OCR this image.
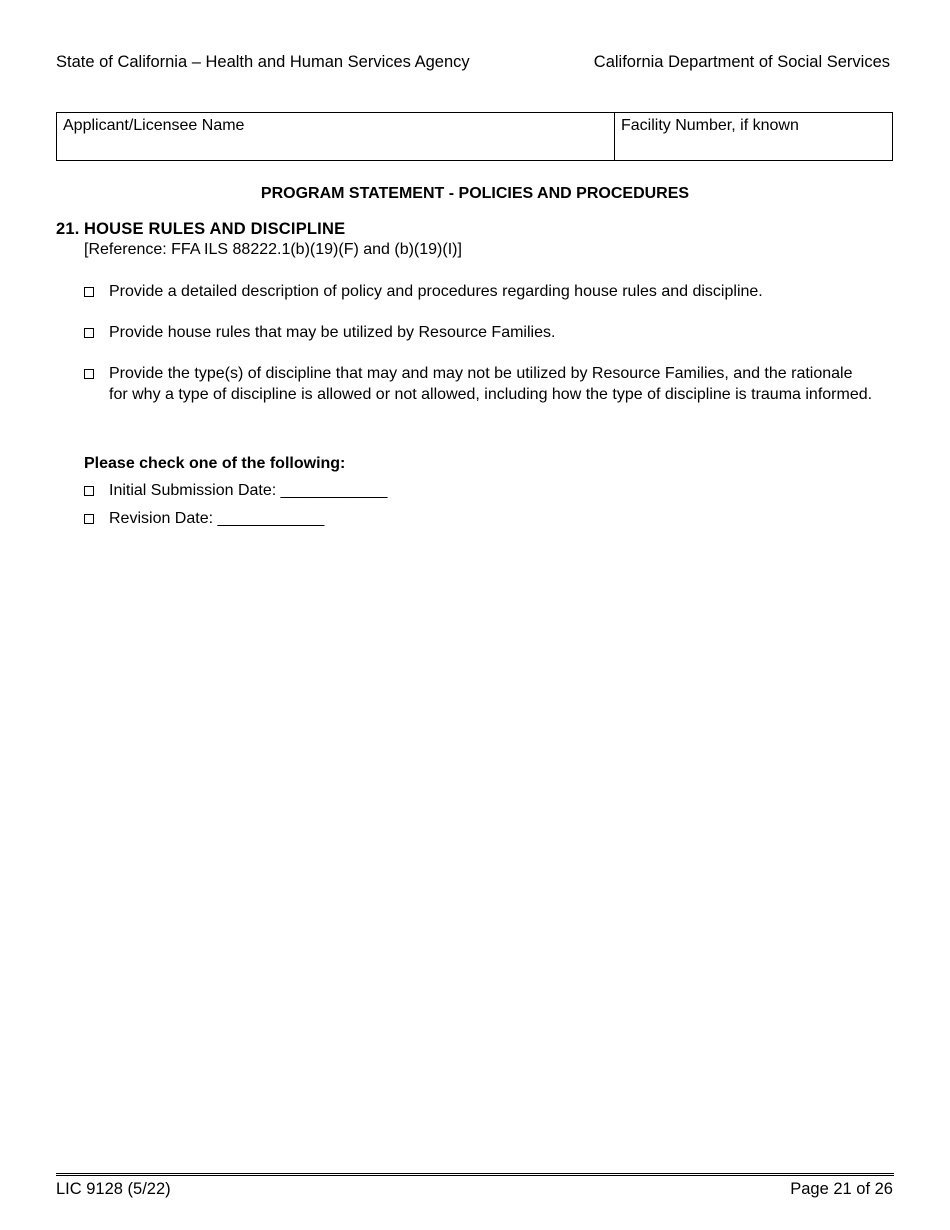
State of California – Health and Human Services Agency	California Department of Social Services
Applicant/Licensee Name	Facility Number, if known
PROGRAM STATEMENT - POLICIES AND PROCEDURES
21. HOUSE RULES AND DISCIPLINE
[Reference: FFA ILS 88222.1(b)(19)(F) and (b)(19)(I)]
Provide a detailed description of policy and procedures regarding house rules and discipline.
Provide house rules that may be utilized by Resource Families.
Provide the type(s) of discipline that may and may not be utilized by Resource Families, and the rationale for why a type of discipline is allowed or not allowed, including how the type of discipline is trauma informed.
Please check one of the following:
Initial Submission Date: ____________
Revision Date: ____________
LIC 9128 (5/22)	Page 21 of 26
